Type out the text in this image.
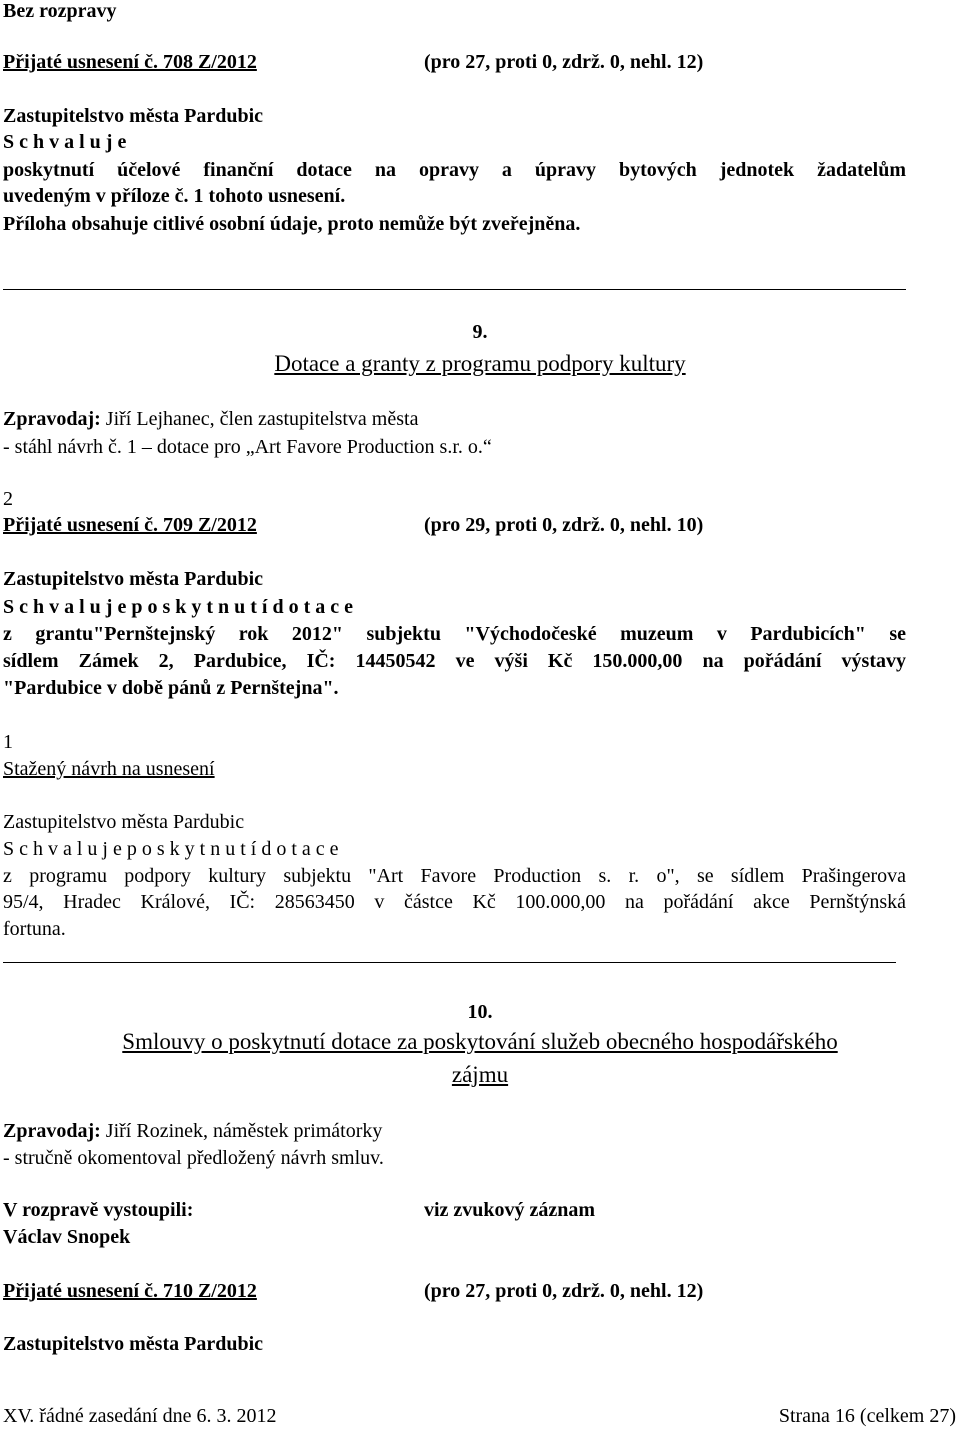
Bez rozpravy
Přijaté usnesení č. 708 Z/2012	(pro 27, proti 0, zdrž. 0, nehl. 12)
Zastupitelstvo města Pardubic
S c h v a l u j e
poskytnutí účelové finanční dotace na opravy a úpravy bytových jednotek žadatelům
uvedeným v příloze č. 1 tohoto usnesení.
Příloha obsahuje citlivé osobní údaje, proto nemůže být zveřejněna.
9.
Dotace a granty z programu podpory kultury
Zpravodaj: Jiří Lejhanec, člen zastupitelstva města
- stáhl návrh č. 1 – dotace pro „Art Favore Production s.r. o.“
2
Přijaté usnesení č. 709 Z/2012	(pro 29, proti 0, zdrž. 0, nehl. 10)
Zastupitelstvo města Pardubic
S c h v a l u j e p o s k y t n u t í d o t a c e
z grantu"Pernštejnský rok 2012" subjektu "Východočeské muzeum v Pardubicích" se
sídlem Zámek 2, Pardubice, IČ: 14450542 ve výši Kč 150.000,00 na pořádání výstavy
"Pardubice v době pánů z Pernštejna".
1
Stažený návrh na usnesení
Zastupitelstvo města Pardubic
S c h v a l u j e p o s k y t n u t í d o t a c e
z programu podpory kultury subjektu "Art Favore Production s. r. o", se sídlem Prašingerova
95/4, Hradec Králové, IČ: 28563450 v částce Kč 100.000,00 na pořádání akce Pernštýnská
fortuna.
10.
Smlouvy o poskytnutí dotace za poskytování služeb obecného hospodářského
zájmu
Zpravodaj: Jiří Rozinek, náměstek primátorky
- stručně okomentoval předložený návrh smluv.
V rozpravě vystoupili:	viz zvukový záznam
Václav Snopek
Přijaté usnesení č. 710 Z/2012	(pro 27, proti 0, zdrž. 0, nehl. 12)
Zastupitelstvo města Pardubic
XV. řádné zasedání dne 6. 3. 2012	Strana 16 (celkem 27)
